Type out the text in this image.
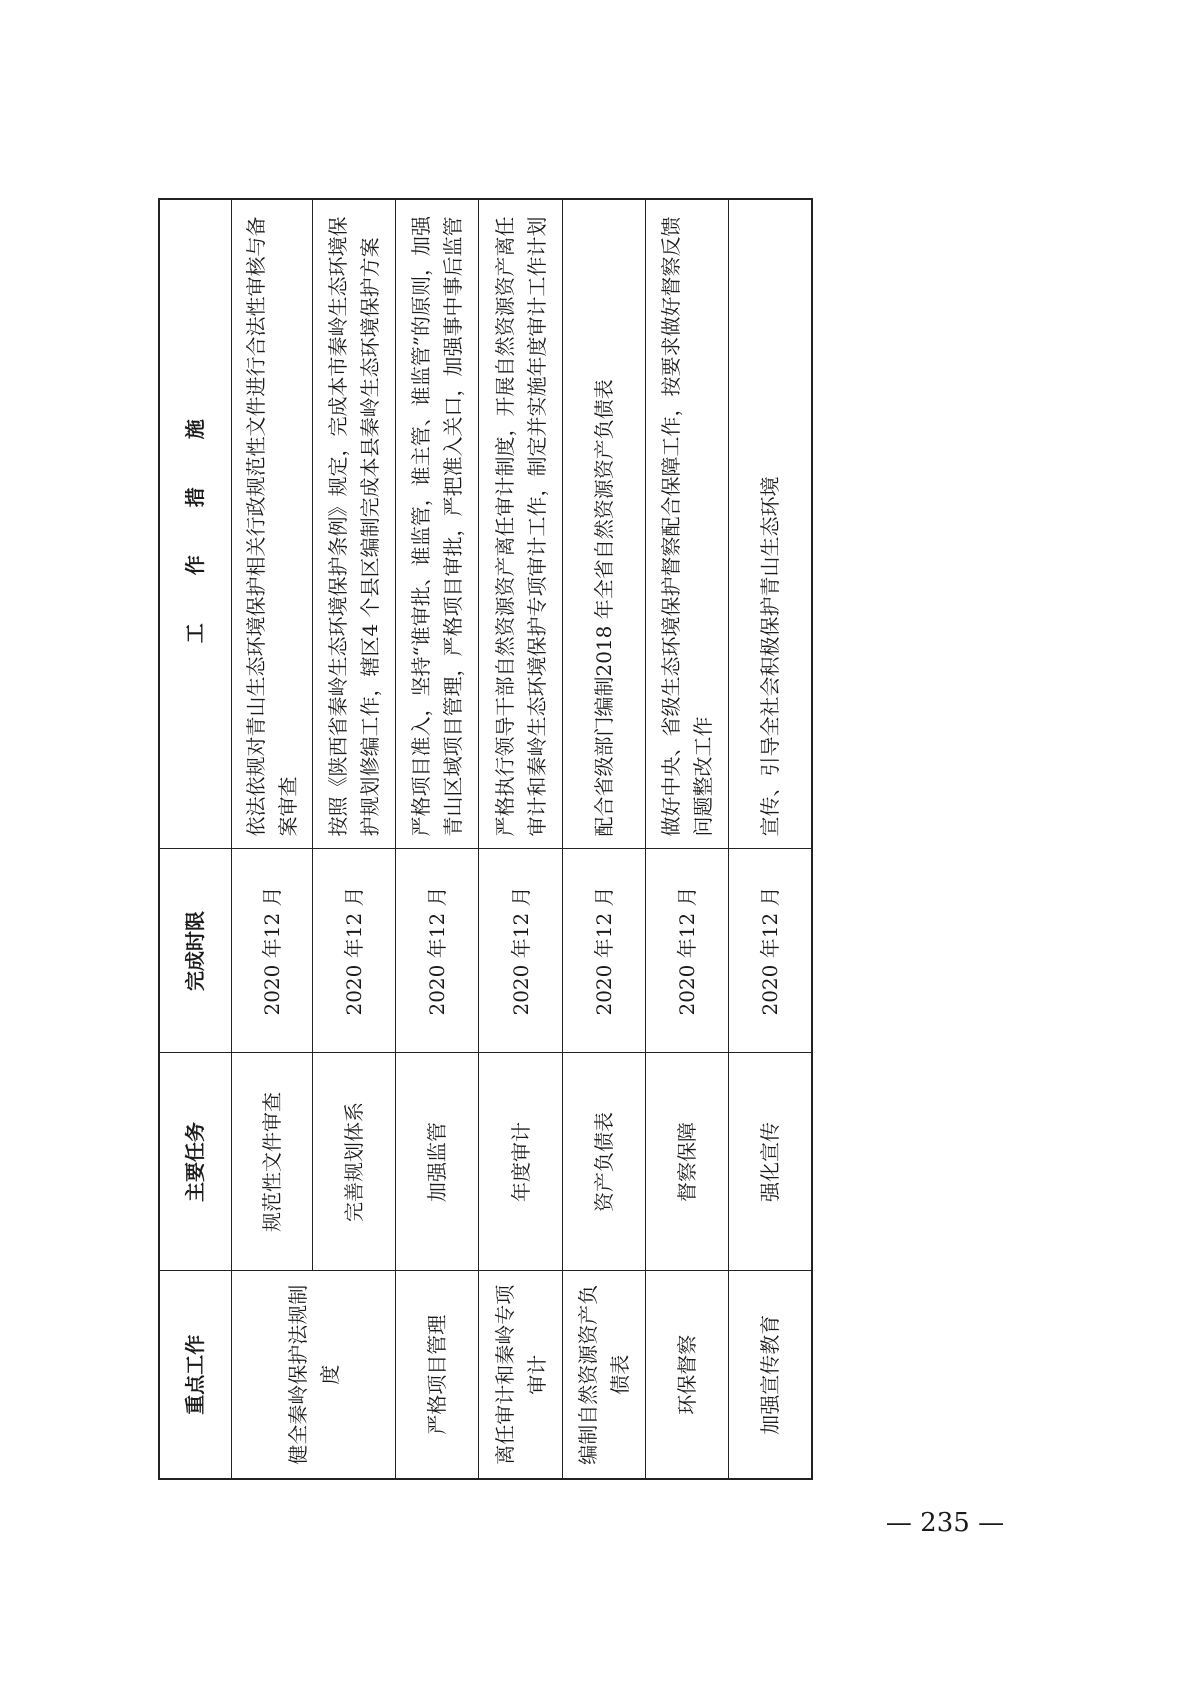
重点工作	主要任务	完成时限	工　作　措　施
健全秦岭保护法规制度	规范性文件审查	2020 年12 月	依法依规对青山生态环境保护相关行政规范性文件进行合法性审核与备案审查
	完善规划体系	2020 年12 月	按照《陕西省秦岭生态环境保护条例》规定，完成本市秦岭生态环境保护规划修编工作，辖区4 个县区编制完成本县秦岭生态环境保护方案
严格项目管理	加强监管	2020 年12 月	严格项目准入，坚持“谁审批、谁监管，谁主管、谁监管”的原则，加强青山区域项目管理，严格项目审批，严把准入关口，加强事中事后监管
离任审计和秦岭专项审计	年度审计	2020 年12 月	严格执行领导干部自然资源资产离任审计制度，开展自然资源资产离任审计和秦岭生态环境保护专项审计工作，制定并实施年度审计工作计划
编制自然资源资产负债表	资产负债表	2020 年12 月	配合省级部门编制2018 年全省自然资源资产负债表
环保督察	督察保障	2020 年12 月	做好中央、省级生态环境保护督察配合保障工作，按要求做好督察反馈问题整改工作
加强宣传教育	强化宣传	2020 年12 月	宣传、引导全社会积极保护青山生态环境
— 235 —
